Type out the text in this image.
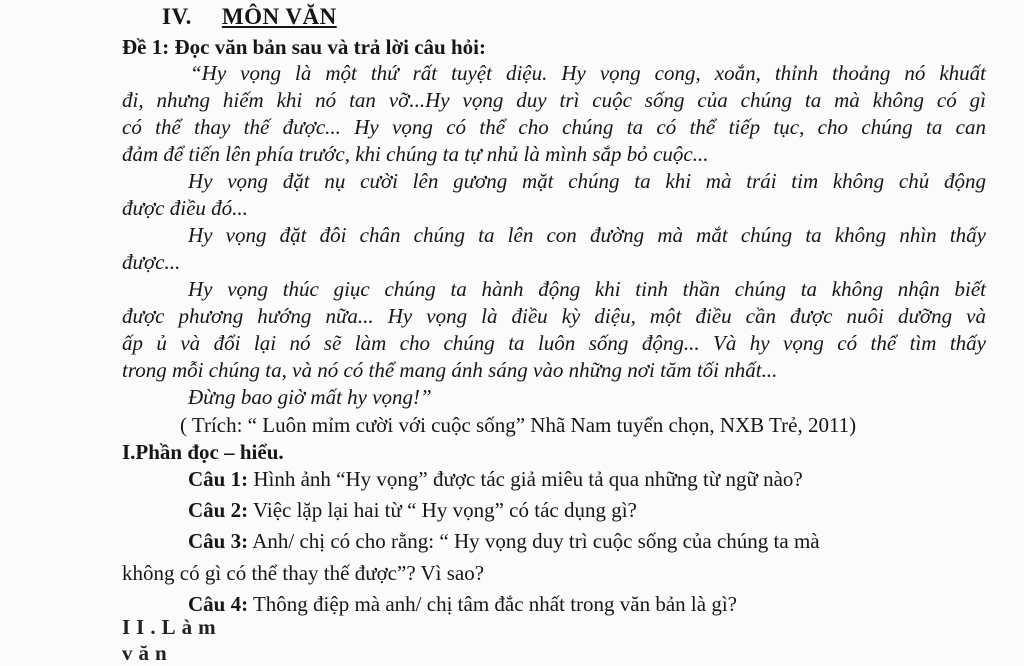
IV. MÔN VĂN
Đề 1: Đọc văn bản sau và trả lời câu hỏi:
“Hy vọng là một thứ rất tuyệt diệu. Hy vọng cong, xoắn, thỉnh thoảng nó khuất
đi, nhưng hiếm khi nó tan vỡ...Hy vọng duy trì cuộc sống của chúng ta mà không có gì
có thể thay thế được... Hy vọng có thể cho chúng ta có thể tiếp tục, cho chúng ta can
đảm để tiến lên phía trước, khi chúng ta tự nhủ là mình sắp bỏ cuộc...
Hy vọng đặt nụ cười lên gương mặt chúng ta khi mà trái tim không chủ động
được điều đó...
Hy vọng đặt đôi chân chúng ta lên con đường mà mắt chúng ta không nhìn thấy
được...
Hy vọng thúc giục chúng ta hành động khi tinh thần chúng ta không nhận biết
được phương hướng nữa... Hy vọng là điều kỳ diệu, một điều cần được nuôi dưỡng và
ấp ủ và đổi lại nó sẽ làm cho chúng ta luôn sống động... Và hy vọng có thể tìm thấy
trong mỗi chúng ta, và nó có thể mang ánh sáng vào những nơi tăm tối nhất...
Đừng bao giờ mất hy vọng!”
( Trích: “ Luôn mỉm cười với cuộc sống” Nhã Nam tuyển chọn, NXB Trẻ, 2011)
I.Phần đọc – hiểu.
Câu 1: Hình ảnh “Hy vọng” được tác giả miêu tả qua những từ ngữ nào?
Câu 2: Việc lặp lại hai từ “ Hy vọng” có tác dụng gì?
Câu 3: Anh/ chị có cho rằng: “ Hy vọng duy trì cuộc sống của chúng ta mà
không có gì có thể thay thế được”? Vì sao?
Câu 4: Thông điệp mà anh/ chị tâm đắc nhất trong văn bản là gì?
II.Làm văn
